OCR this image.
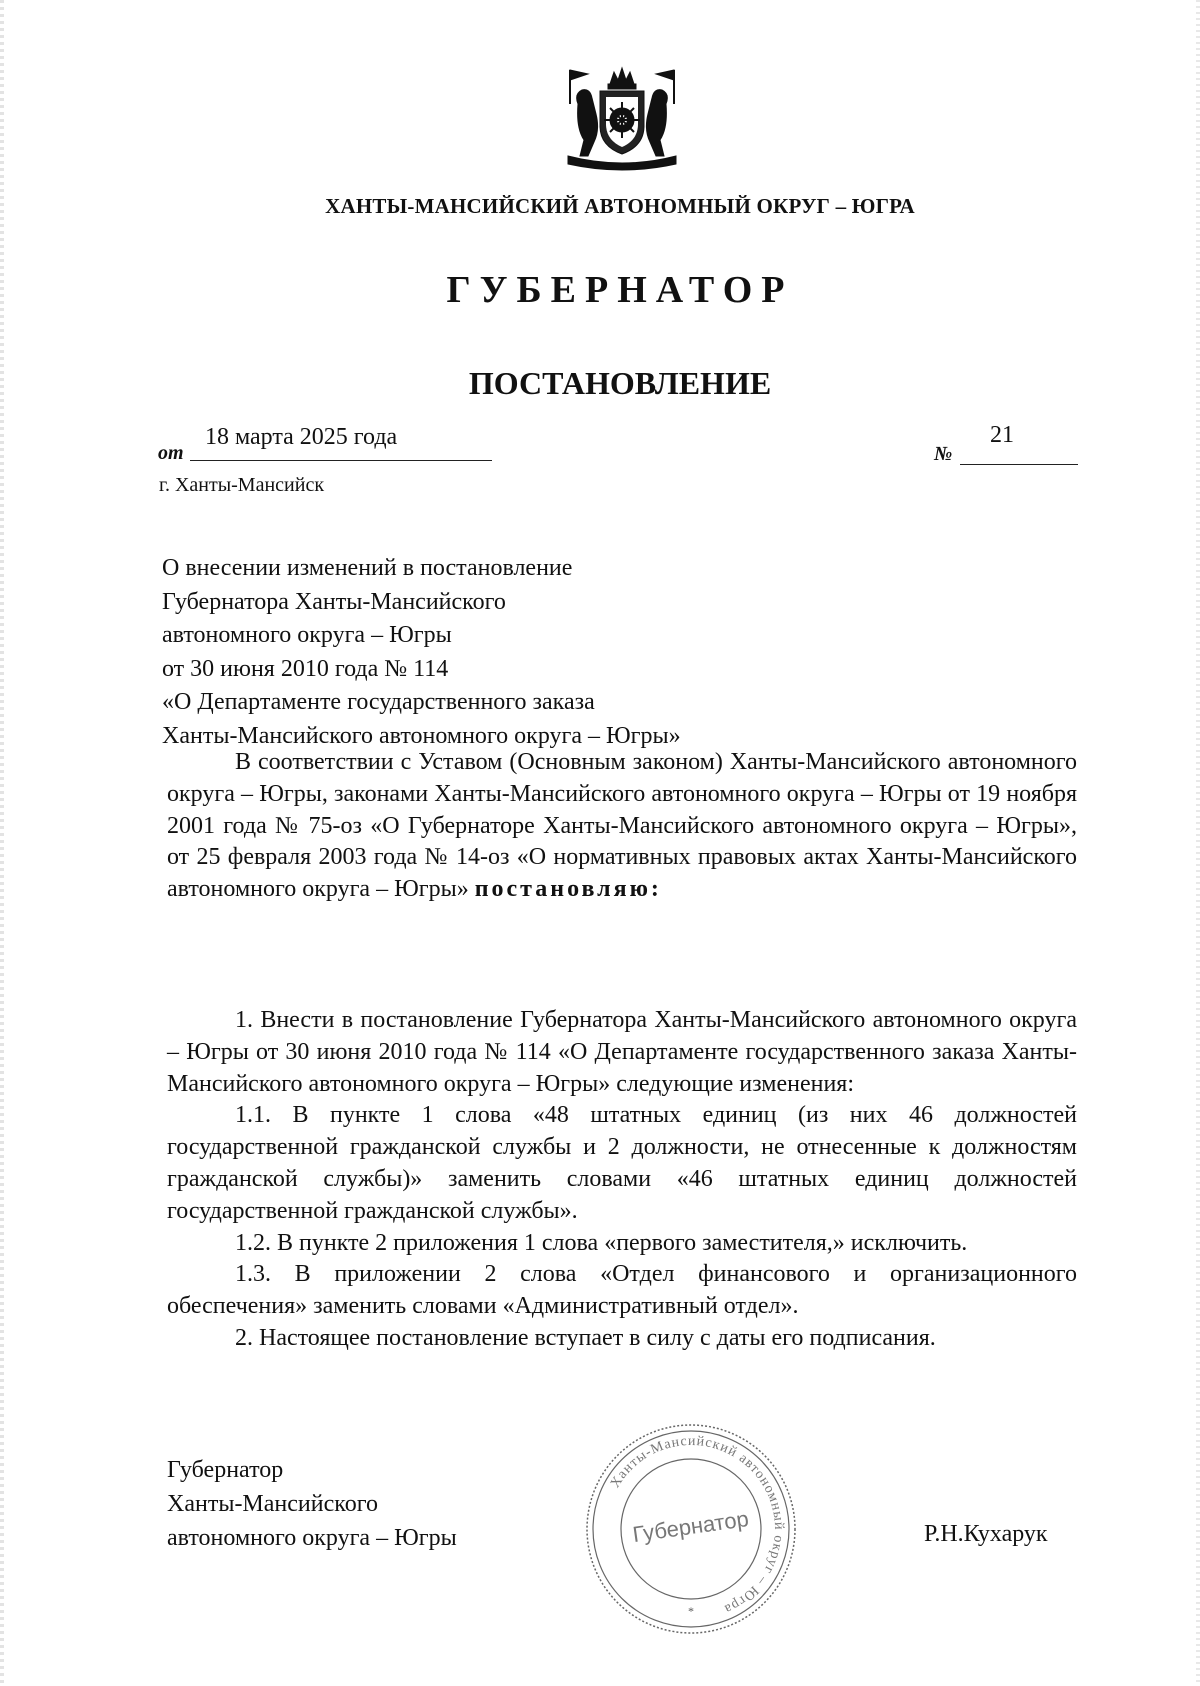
ХАНТЫ-МАНСИЙСКИЙ АВТОНОМНЫЙ ОКРУГ – ЮГРА
ГУБЕРНАТОР
ПОСТАНОВЛЕНИЕ
от
18 марта 2025 года
№
21
г. Ханты-Мансийск
О внесении изменений в постановление
Губернатора Ханты-Мансийского
автономного округа – Югры
от 30 июня 2010 года № 114
«О Департаменте государственного заказа
Ханты-Мансийского автономного округа – Югры»

В соответствии с Уставом (Основным законом) Ханты-Мансийского автономного округа – Югры, законами Ханты-Мансийского автономного округа – Югры от 19 ноября 2001 года № 75-оз «О Губернаторе Ханты-Мансийского автономного округа – Югры», от 25 февраля 2003 года № 14-оз «О нормативных правовых актах Ханты-Мансийского автономного округа – Югры» постановляю:

1. Внести в постановление Губернатора Ханты-Мансийского автономного округа – Югры от 30 июня 2010 года № 114 «О Департаменте государственного заказа Ханты-Мансийского автономного округа – Югры» следующие изменения:

1.1. В пункте 1 слова «48 штатных единиц (из них 46 должностей государственной гражданской службы и 2 должности, не отнесенные к должностям гражданской службы)» заменить словами «46 штатных единиц должностей государственной гражданской службы».

1.2. В пункте 2 приложения 1 слова «первого заместителя,» исключить.

1.3. В приложении 2 слова «Отдел финансового и организационного обеспечения» заменить словами «Административный отдел».

2. Настоящее постановление вступает в силу с даты его подписания.

Губернатор
Ханты-Мансийского
автономного округа – Югры	Р.Н.Кухарук
Ханты-Мансийский автономный округ – Югра
Губернатор
*
